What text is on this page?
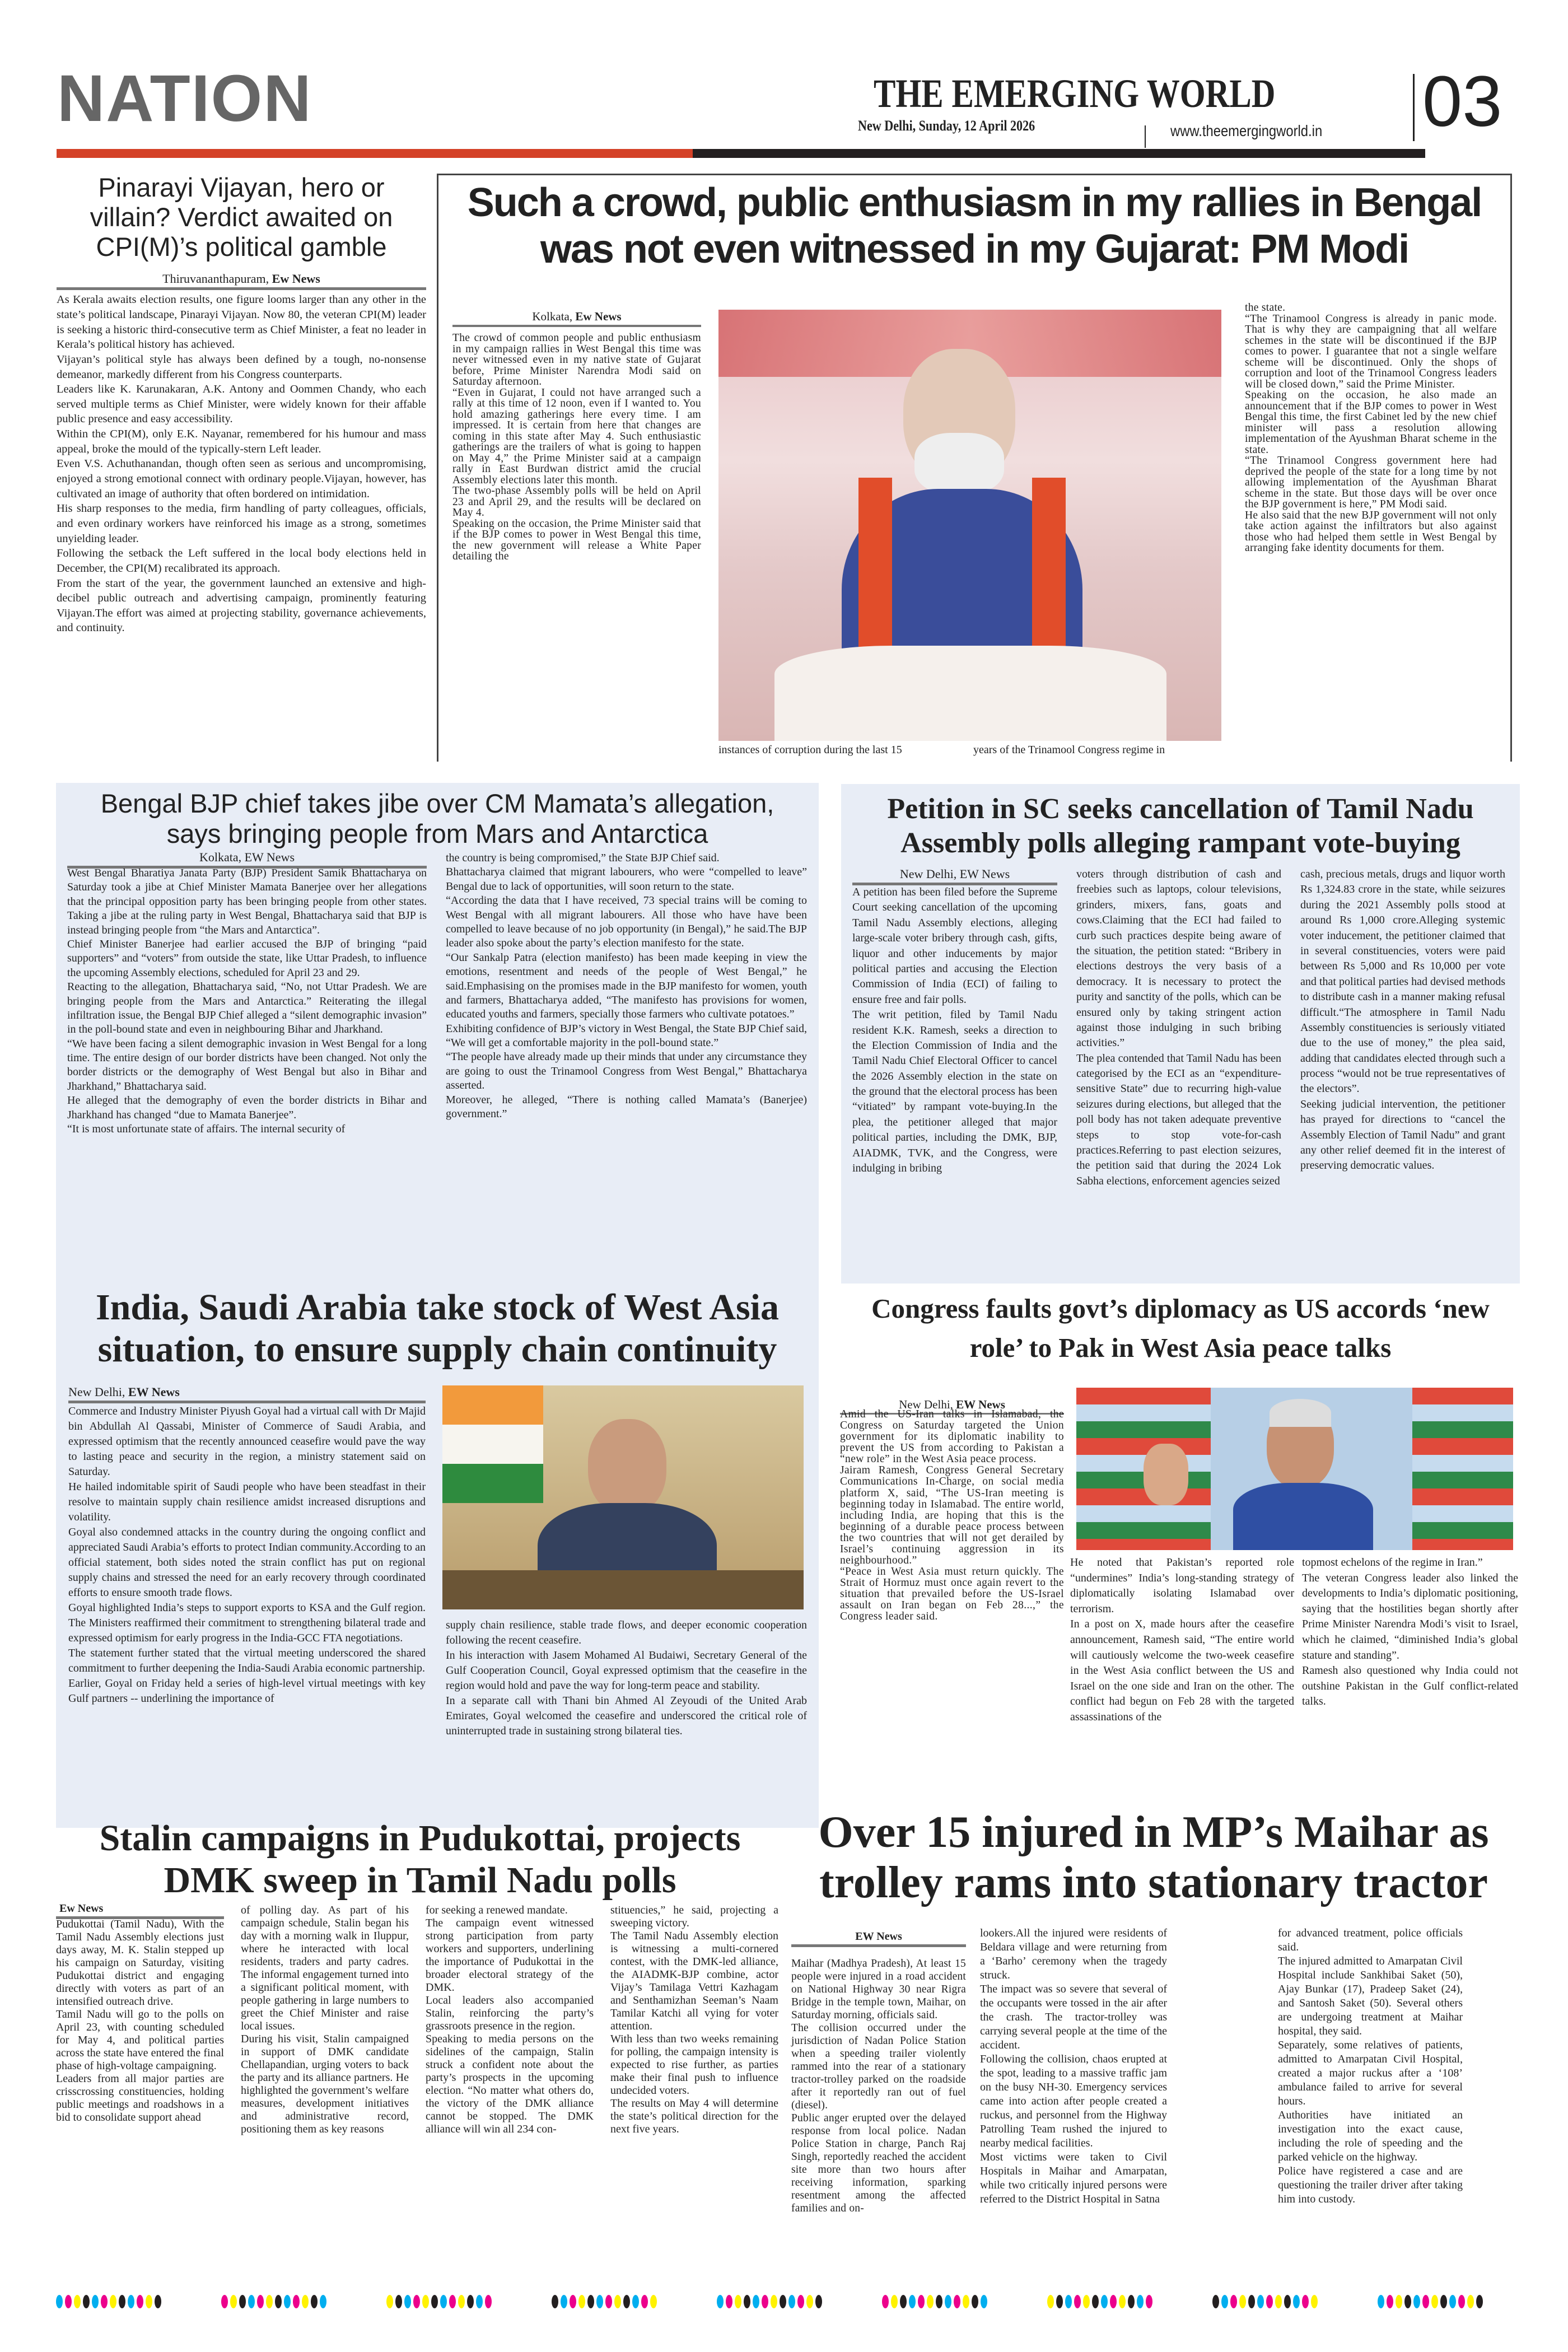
NATION	THE EMERGING WORLD
New Delhi, Sunday, 12 April 2026	www.theemergingworld.in 03
Pinarayi Vijayan, hero or villain? Verdict awaited on CPI(M)’s political gamble
Thiruvananthapuram, Ew News

As Kerala awaits election results, one figure looms larger than any other in the state’s political landscape, Pinarayi Vijayan. Now 80, the veteran CPI(M) leader is seeking a historic third-consecutive term as Chief Minister, a feat no leader in Kerala’s political history has achieved.

Vijayan’s political style has always been defined by a tough, no-nonsense demeanor, markedly different from his Congress counterparts.

Leaders like K. Karunakaran, A.K. Antony and Oommen Chandy, who each served multiple terms as Chief Minister, were widely known for their affable public presence and easy accessibility.

Within the CPI(M), only E.K. Nayanar, remembered for his humour and mass appeal, broke the mould of the typically-stern Left leader.

Even V.S. Achuthanandan, though often seen as serious and uncompromising, enjoyed a strong emotional connect with ordinary people.Vijayan, however, has cultivated an image of authority that often bordered on intimidation.

His sharp responses to the media, firm handling of party colleagues, officials, and even ordinary workers have reinforced his image as a strong, sometimes unyielding leader.

Following the setback the Left suffered in the local body elections held in December, the CPI(M) recalibrated its approach.

From the start of the year, the government launched an extensive and high-decibel public outreach and advertising campaign, prominently featuring Vijayan.The effort was aimed at projecting stability, governance achievements, and continuity.

Such a crowd, public enthusiasm in my rallies in Bengal was not even witnessed in my Gujarat: PM Modi
Kolkata, Ew News

The crowd of common people and public enthusiasm in my campaign rallies in West Bengal this time was never witnessed even in my native state of Gujarat before, Prime Minister Narendra Modi said on Saturday afternoon.

“Even in Gujarat, I could not have arranged such a rally at this time of 12 noon, even if I wanted to. You hold amazing gatherings here every time. I am impressed. It is certain from here that changes are coming in this state after May 4. Such enthusiastic gatherings are the trailers of what is going to happen on May 4,” the Prime Minister said at a campaign rally in East Burdwan district amid the crucial Assembly elections later this month.

The two-phase Assembly polls will be held on April 23 and April 29, and the results will be declared on May 4.

Speaking on the occasion, the Prime Minister said that if the BJP comes to power in West Bengal this time, the new government will release a White Paper detailing the

instances of corruption during the last 15	years of the Trinamool Congress regime in

the state.

“The Trinamool Congress is already in panic mode. That is why they are campaigning that all welfare schemes in the state will be discontinued if the BJP comes to power. I guarantee that not a single welfare scheme will be discontinued. Only the shops of corruption and loot of the Trinamool Congress leaders will be closed down,” said the Prime Minister.

Speaking on the occasion, he also made an announcement that if the BJP comes to power in West Bengal this time, the first Cabinet led by the new chief minister will pass a resolution allowing implementation of the Ayushman Bharat scheme in the state.

“The Trinamool Congress government here had deprived the people of the state for a long time by not allowing implementation of the Ayushman Bharat scheme in the state. But those days will be over once the BJP government is here,” PM Modi said.

He also said that the new BJP government will not only take action against the infiltrators but also against those who had helped them settle in West Bengal by arranging fake identity documents for them.

Bengal BJP chief takes jibe over CM Mamata’s allegation, says bringing people from Mars and Antarctica
Kolkata, EW News

West Bengal Bharatiya Janata Party (BJP) President Samik Bhattacharya on Saturday took a jibe at Chief Minister Mamata Banerjee over her allegations that the principal opposition party has been bringing people from other states. Taking a jibe at the ruling party in West Bengal, Bhattacharya said that BJP is instead bringing people from “the Mars and Antarctica”.

Chief Minister Banerjee had earlier accused the BJP of bringing “paid supporters” and “voters” from outside the state, like Uttar Pradesh, to influence the upcoming Assembly elections, scheduled for April 23 and 29.

Reacting to the allegation, Bhattacharya said, “No, not Uttar Pradesh. We are bringing people from the Mars and Antarctica.” Reiterating the illegal infiltration issue, the Bengal BJP Chief alleged a “silent demographic invasion” in the poll-bound state and even in neighbouring Bihar and Jharkhand.

“We have been facing a silent demographic invasion in West Bengal for a long time. The entire design of our border districts have been changed. Not only the border districts or the demography of West Bengal but also in Bihar and Jharkhand,” Bhattacharya said.

He alleged that the demography of even the border districts in Bihar and Jharkhand has changed “due to Mamata Banerjee”.

“It is most unfortunate state of affairs. The internal security of

the country is being compromised,” the State BJP Chief said.

Bhattacharya claimed that migrant labourers, who were “compelled to leave” Bengal due to lack of opportunities, will soon return to the state.

“According the data that I have received, 73 special trains will be coming to West Bengal with all migrant labourers. All those who have have been compelled to leave because of no job opportunity (in Bengal),” he said.The BJP leader also spoke about the party’s election manifesto for the state.

“Our Sankalp Patra (election manifesto) has been made keeping in view the emotions, resentment and needs of the people of West Bengal,” he said.Emphasising on the promises made in the BJP manifesto for women, youth and farmers, Bhattacharya added, “The manifesto has provisions for women, educated youths and farmers, specially those farmers who cultivate potatoes.”

Exhibiting confidence of BJP’s victory in West Bengal, the State BJP Chief said, “We will get a comfortable majority in the poll-bound state.”

“The people have already made up their minds that under any circumstance they are going to oust the Trinamool Congress from West Bengal,” Bhattacharya asserted.

Moreover, he alleged, “There is nothing called Mamata’s (Banerjee) government.”

Petition in SC seeks cancellation of Tamil Nadu Assembly polls alleging rampant vote-buying
New Delhi, EW News

A petition has been filed before the Supreme Court seeking cancellation of the upcoming Tamil Nadu Assembly elections, alleging large-scale voter bribery through cash, gifts, liquor and other inducements by major political parties and accusing the Election Commission of India (ECI) of failing to ensure free and fair polls.

The writ petition, filed by Tamil Nadu resident K.K. Ramesh, seeks a direction to the Election Commission of India and the Tamil Nadu Chief Electoral Officer to cancel the 2026 Assembly election in the state on the ground that the electoral process has been “vitiated” by rampant vote-buying.In the plea, the petitioner alleged that major political parties, including the DMK, BJP, AIADMK, TVK, and the Congress, were indulging in bribing

voters through distribution of cash and freebies such as laptops, colour televisions, grinders, mixers, fans, goats and cows.Claiming that the ECI had failed to curb such practices despite being aware of the situation, the petition stated: “Bribery in elections destroys the very basis of a democracy. It is necessary to protect the purity and sanctity of the polls, which can be ensured only by taking stringent action against those indulging in such bribing activities.”

The plea contended that Tamil Nadu has been categorised by the ECI as an “expenditure-sensitive State” due to recurring high-value seizures during elections, but alleged that the poll body has not taken adequate preventive steps to stop vote-for-cash practices.Referring to past election seizures, the petition said that during the 2024 Lok Sabha elections, enforcement agencies seized

cash, precious metals, drugs and liquor worth Rs 1,324.83 crore in the state, while seizures during the 2021 Assembly polls stood at around Rs 1,000 crore.Alleging systemic voter inducement, the petitioner claimed that in several constituencies, voters were paid between Rs 5,000 and Rs 10,000 per vote and that political parties had devised methods to distribute cash in a manner making refusal difficult.“The atmosphere in Tamil Nadu Assembly constituencies is seriously vitiated due to the use of money,” the plea said, adding that candidates elected through such a process “would not be true representatives of the electors”.

Seeking judicial intervention, the petitioner has prayed for directions to “cancel the Assembly Election of Tamil Nadu” and grant any other relief deemed fit in the interest of preserving democratic values.

India, Saudi Arabia take stock of West Asia situation, to ensure supply chain continuity
New Delhi, EW News

Commerce and Industry Minister Piyush Goyal had a virtual call with Dr Majid bin Abdullah Al Qassabi, Minister of Commerce of Saudi Arabia, and expressed optimism that the recently announced ceasefire would pave the way to lasting peace and security in the region, a ministry statement said on Saturday.

He hailed indomitable spirit of Saudi people who have been steadfast in their resolve to maintain supply chain resilience amidst increased disruptions and volatility.

Goyal also condemned attacks in the country during the ongoing conflict and appreciated Saudi Arabia’s efforts to protect Indian community.According to an official statement, both sides noted the strain conflict has put on regional supply chains and stressed the need for an early recovery through coordinated efforts to ensure smooth trade flows.

Goyal highlighted India’s steps to support exports to KSA and the Gulf region. The Ministers reaffirmed their commitment to strengthening bilateral trade and expressed optimism for early progress in the India-GCC FTA negotiations.

The statement further stated that the virtual meeting underscored the shared commitment to further deepening the India-Saudi Arabia economic partnership.

Earlier, Goyal on Friday held a series of high-level virtual meetings with key Gulf partners -- underlining the importance of

supply chain resilience, stable trade flows, and deeper economic cooperation following the recent ceasefire.

In his interaction with Jasem Mohamed Al Budaiwi, Secretary General of the Gulf Cooperation Council, Goyal expressed optimism that the ceasefire in the region would hold and pave the way for long-term peace and stability.

In a separate call with Thani bin Ahmed Al Zeyoudi of the United Arab Emirates, Goyal welcomed the ceasefire and underscored the critical role of uninterrupted trade in sustaining strong bilateral ties.

Congress faults govt’s diplomacy as US accords ‘new role’ to Pak in West Asia peace talks
New Delhi, EW News

Amid the US-Iran talks in Islamabad, the Congress on Saturday targeted the Union government for its diplomatic inability to prevent the US from according to Pakistan a “new role” in the West Asia peace process.

Jairam Ramesh, Congress General Secretary Communications In-Charge, on social media platform X, said, “The US-Iran meeting is beginning today in Islamabad. The entire world, including India, are hoping that this is the beginning of a durable peace process between the two countries that will not get derailed by Israel’s continuing aggression in its neighbourhood.”

“Peace in West Asia must return quickly. The Strait of Hormuz must once again revert to the situation that prevailed before the US-Israel assault on Iran began on Feb 28...,” the Congress leader said.

He noted that Pakistan’s reported role “undermines” India’s long-standing strategy of diplomatically isolating Islamabad over terrorism.

In a post on X, made hours after the ceasefire announcement, Ramesh said, “The entire world will cautiously welcome the two-week ceasefire in the West Asia conflict between the US and Israel on the one side and Iran on the other. The conflict had begun on Feb 28 with the targeted assassinations of the

topmost echelons of the regime in Iran.”

The veteran Congress leader also linked the developments to India’s diplomatic positioning, saying that the hostilities began shortly after Prime Minister Narendra Modi’s visit to Israel, which he claimed, “diminished India’s global stature and standing”.

Ramesh also questioned why India could not outshine Pakistan in the Gulf conflict-related talks.

Stalin campaigns in Pudukottai, projects DMK sweep in Tamil Nadu polls
Ew News

Pudukottai (Tamil Nadu), With the Tamil Nadu Assembly elections just days away, M. K. Stalin stepped up his campaign on Saturday, visiting Pudukottai district and engaging directly with voters as part of an intensified outreach drive.

Tamil Nadu will go to the polls on April 23, with counting scheduled for May 4, and political parties across the state have entered the final phase of high-voltage campaigning.

Leaders from all major parties are crisscrossing constituencies, holding public meetings and roadshows in a bid to consolidate support ahead

of polling day. As part of his campaign schedule, Stalin began his day with a morning walk in Iluppur, where he interacted with local residents, traders and party cadres. The informal engagement turned into a significant political moment, with people gathering in large numbers to greet the Chief Minister and raise local issues.

During his visit, Stalin campaigned in support of DMK candidate Chellapandian, urging voters to back the party and its alliance partners. He highlighted the government’s welfare measures, development initiatives and administrative record, positioning them as key reasons

for seeking a renewed mandate.

The campaign event witnessed strong participation from party workers and supporters, underlining the importance of Pudukottai in the broader electoral strategy of the DMK.

Local leaders also accompanied Stalin, reinforcing the party’s grassroots presence in the region.

Speaking to media persons on the sidelines of the campaign, Stalin struck a confident note about the party’s prospects in the upcoming election. “No matter what others do, the victory of the DMK alliance cannot be stopped. The DMK alliance will win all 234 con-

stituencies,” he said, projecting a sweeping victory.

The Tamil Nadu Assembly election is witnessing a multi-cornered contest, with the DMK-led alliance, the AIADMK-BJP combine, actor Vijay’s Tamilaga Vettri Kazhagam and Senthamizhan Seeman’s Naam Tamilar Katchi all vying for voter attention.

With less than two weeks remaining for polling, the campaign intensity is expected to rise further, as parties make their final push to influence undecided voters.

The results on May 4 will determine the state’s political direction for the next five years.

Over 15 injured in MP’s Maihar as trolley rams into stationary tractor
EW News

Maihar (Madhya Pradesh), At least 15 people were injured in a road accident on National Highway 30 near Rigra Bridge in the temple town, Maihar, on Saturday morning, officials said.

The collision occurred under the jurisdiction of Nadan Police Station when a speeding trailer violently rammed into the rear of a stationary tractor-trolley parked on the roadside after it reportedly ran out of fuel (diesel).

Public anger erupted over the delayed response from local police. Nadan Police Station in charge, Panch Raj Singh, reportedly reached the accident site more than two hours after receiving information, sparking resentment among the affected families and on-

lookers.All the injured were residents of Beldara village and were returning from a ‘Barho’ ceremony when the tragedy struck.

The impact was so severe that several of the occupants were tossed in the air after the crash. The tractor-trolley was carrying several people at the time of the accident.

Following the collision, chaos erupted at the spot, leading to a massive traffic jam on the busy NH-30. Emergency services came into action after people created a ruckus, and personnel from the Highway Patrolling Team rushed the injured to nearby medical facilities.

Most victims were taken to Civil Hospitals in Maihar and Amarpatan, while two critically injured persons were referred to the District Hospital in Satna

for advanced treatment, police officials said.

The injured admitted to Amarpatan Civil Hospital include Sankhibai Saket (50), Ajay Bunkar (17), Pradeep Saket (24), and Santosh Saket (50). Several others are undergoing treatment at Maihar hospital, they said.

Separately, some relatives of patients, admitted to Amarpatan Civil Hospital, created a major ruckus after a ‘108’ ambulance failed to arrive for several hours.

Authorities have initiated an investigation into the exact cause, including the role of speeding and the parked vehicle on the highway.

Police have registered a case and are questioning the trailer driver after taking him into custody.
